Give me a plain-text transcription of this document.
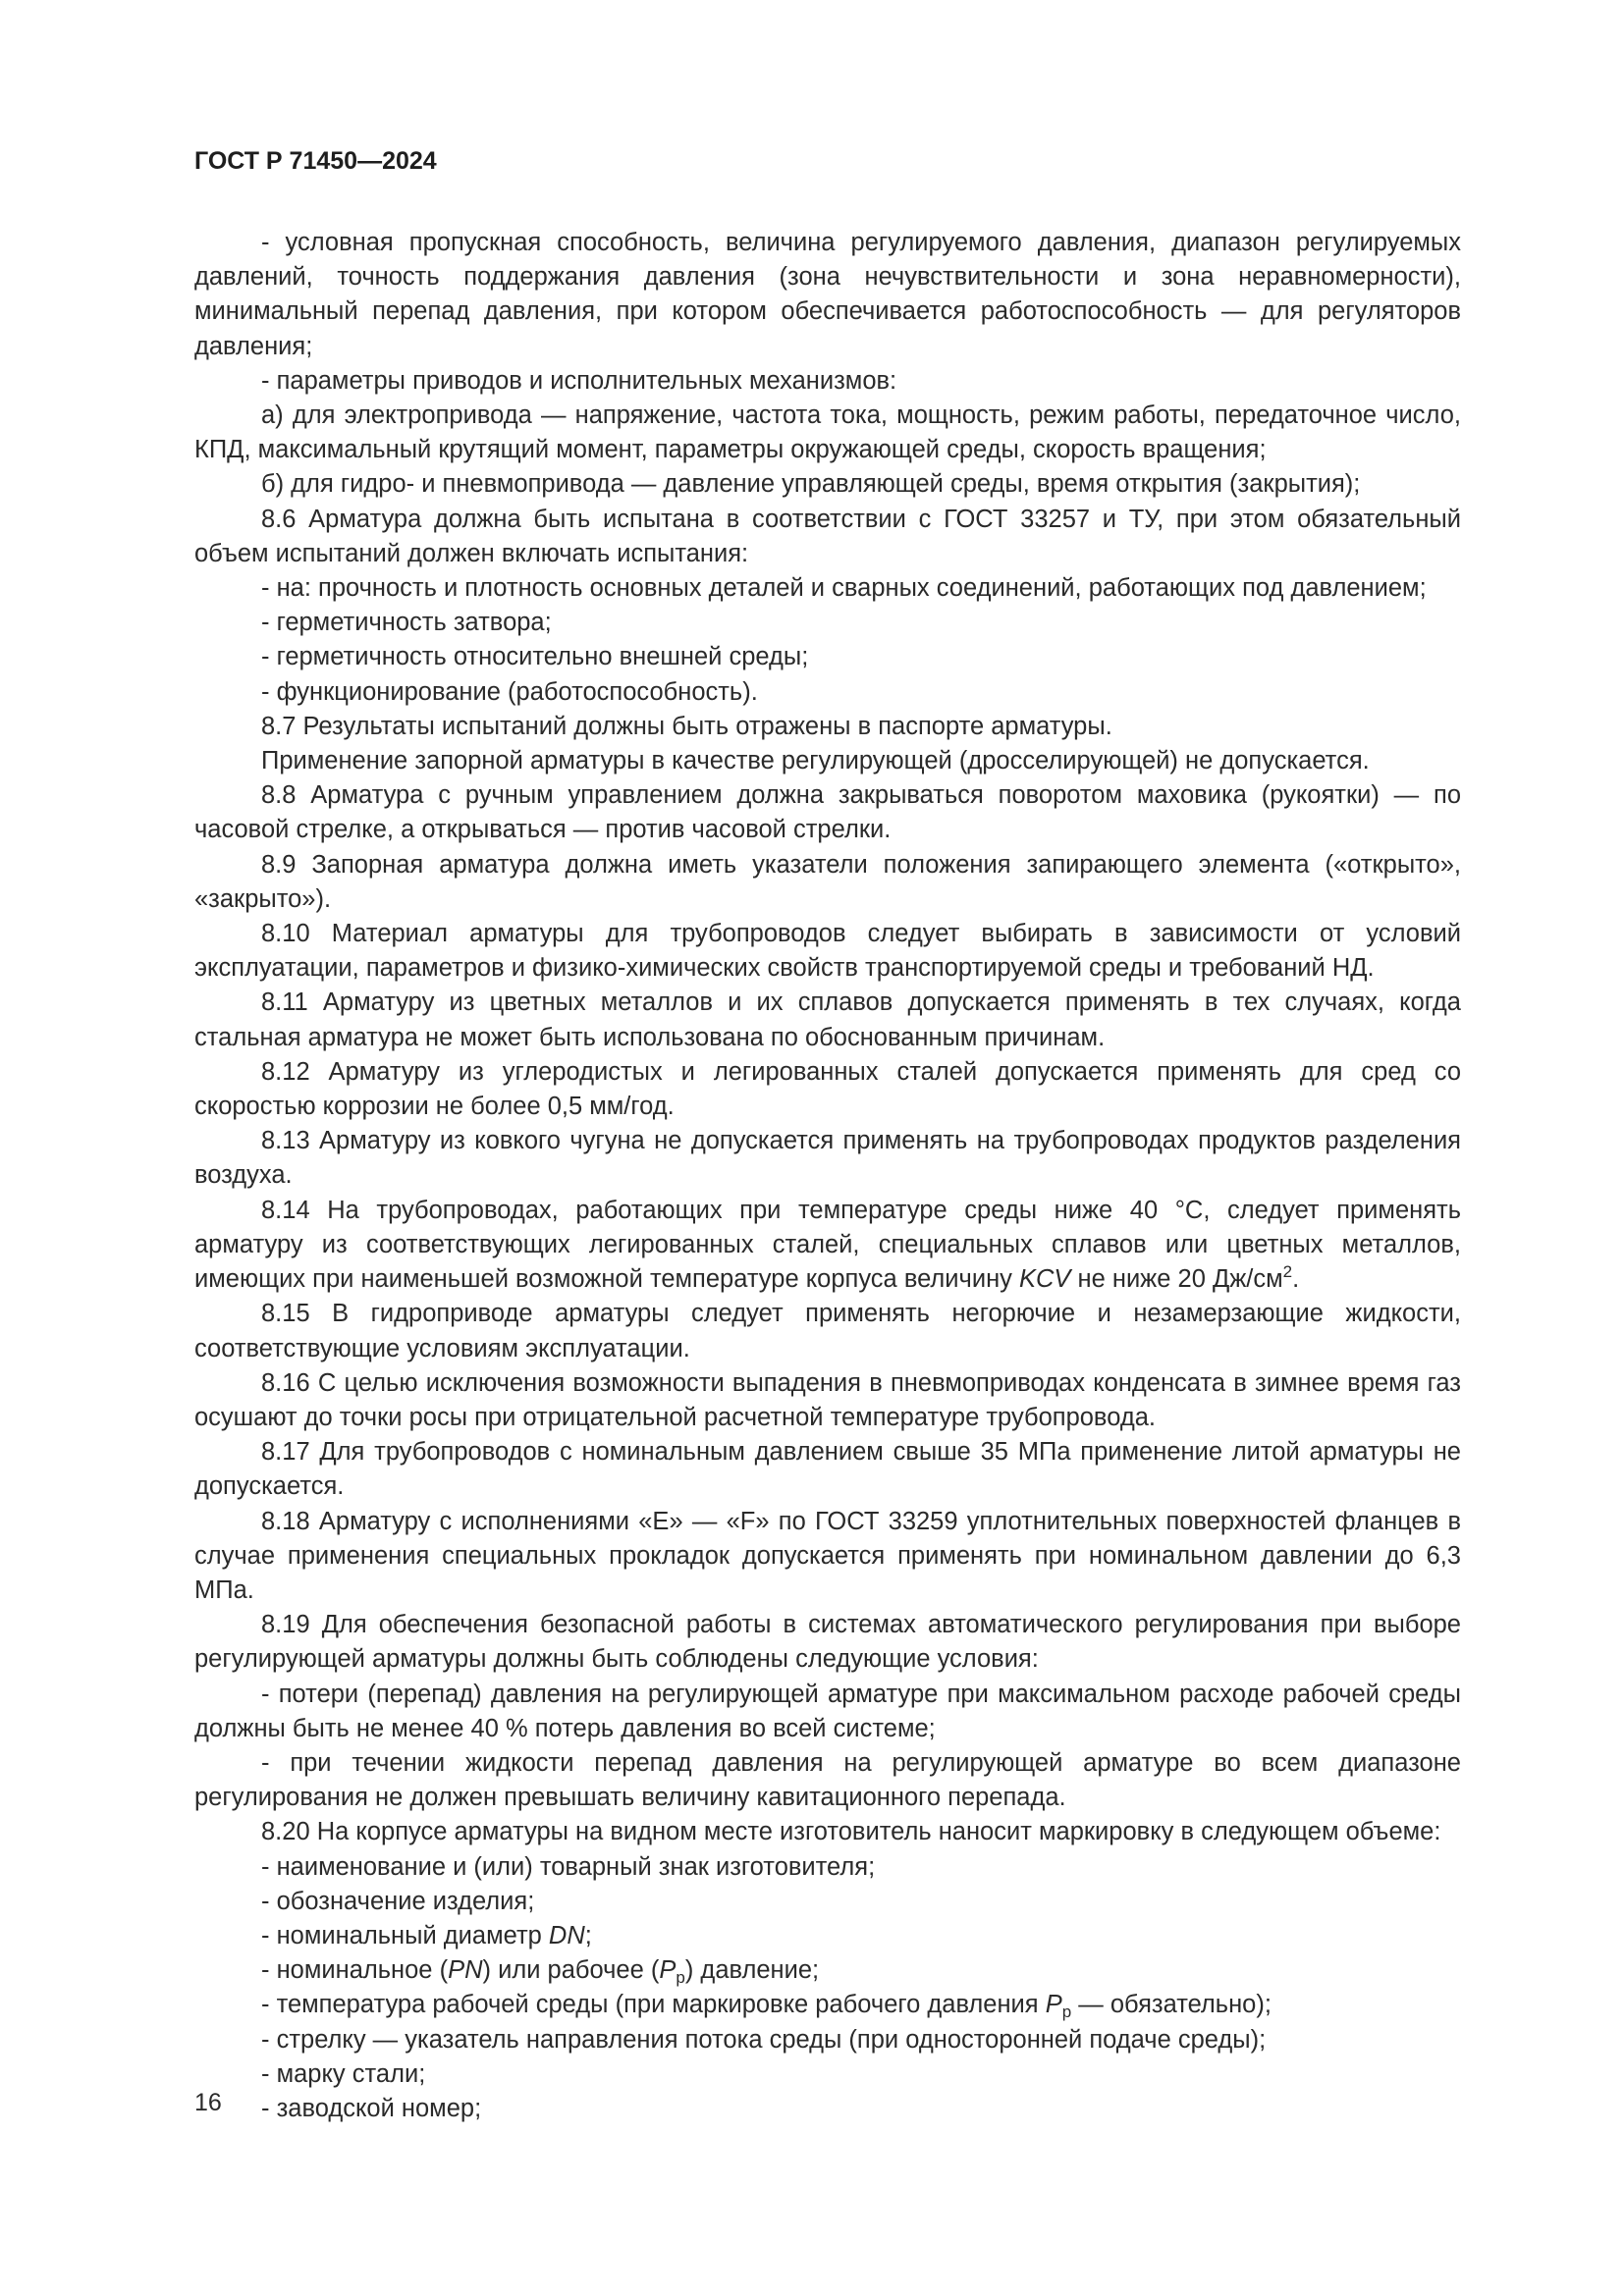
ГОСТ Р 71450—2024

- условная пропускная способность, величина регулируемого давления, диапазон регулируемых давлений, точность поддержания давления (зона нечувствительности и зона неравномерности), минимальный перепад давления, при котором обеспечивается работоспособность — для регуляторов давления;

- параметры приводов и исполнительных механизмов:

а) для электропривода — напряжение, частота тока, мощность, режим работы, передаточное число, КПД, максимальный крутящий момент, параметры окружающей среды, скорость вращения;

б) для гидро- и пневмопривода — давление управляющей среды, время открытия (закрытия);

8.6 Арматура должна быть испытана в соответствии с ГОСТ 33257 и ТУ, при этом обязательный объем испытаний должен включать испытания:

- на: прочность и плотность основных деталей и сварных соединений, работающих под давлением;

- герметичность затвора;

- герметичность относительно внешней среды;

- функционирование (работоспособность).

8.7 Результаты испытаний должны быть отражены в паспорте арматуры.

Применение запорной арматуры в качестве регулирующей (дросселирующей) не допускается.

8.8 Арматура с ручным управлением должна закрываться поворотом маховика (рукоятки) — по часовой стрелке, а открываться — против часовой стрелки.

8.9 Запорная арматура должна иметь указатели положения запирающего элемента («открыто», «закрыто»).

8.10 Материал арматуры для трубопроводов следует выбирать в зависимости от условий эксплуатации, параметров и физико-химических свойств транспортируемой среды и требований НД.

8.11 Арматуру из цветных металлов и их сплавов допускается применять в тех случаях, когда стальная арматура не может быть использована по обоснованным причинам.

8.12 Арматуру из углеродистых и легированных сталей допускается применять для сред со скоростью коррозии не более 0,5 мм/год.

8.13 Арматуру из ковкого чугуна не допускается применять на трубопроводах продуктов разделения воздуха.

8.14 На трубопроводах, работающих при температуре среды ниже 40 °С, следует применять арматуру из соответствующих легированных сталей, специальных сплавов или цветных металлов, имеющих при наименьшей возможной температуре корпуса величину KCV не ниже 20 $Дж/см^2$.

8.15 В гидроприводе арматуры следует применять негорючие и незамерзающие жидкости, соответствующие условиям эксплуатации.

8.16 С целью исключения возможности выпадения в пневмоприводах конденсата в зимнее время газ осушают до точки росы при отрицательной расчетной температуре трубопровода.

8.17 Для трубопроводов с номинальным давлением свыше 35 МПа применение литой арматуры не допускается.

8.18 Арматуру с исполнениями «Е» — «F» по ГОСТ 33259 уплотнительных поверхностей фланцев в случае применения специальных прокладок допускается применять при номинальном давлении до 6,3 МПа.

8.19 Для обеспечения безопасной работы в системах автоматического регулирования при выборе регулирующей арматуры должны быть соблюдены следующие условия:

- потери (перепад) давления на регулирующей арматуре при максимальном расходе рабочей среды должны быть не менее 40 % потерь давления во всей системе;

- при течении жидкости перепад давления на регулирующей арматуре во всем диапазоне регулирования не должен превышать величину кавитационного перепада.

8.20 На корпусе арматуры на видном месте изготовитель наносит маркировку в следующем объеме:

- наименование и (или) товарный знак изготовителя;

- обозначение изделия;

- номинальный диаметр DN;

- номинальное (PN) или рабочее $(P_р)$ давление;

- температура рабочей среды (при маркировке рабочего давления $P_р$ — обязательно);

- стрелку — указатель направления потока среды (при односторонней подаче среды);

- марку стали;

- заводской номер;

16
